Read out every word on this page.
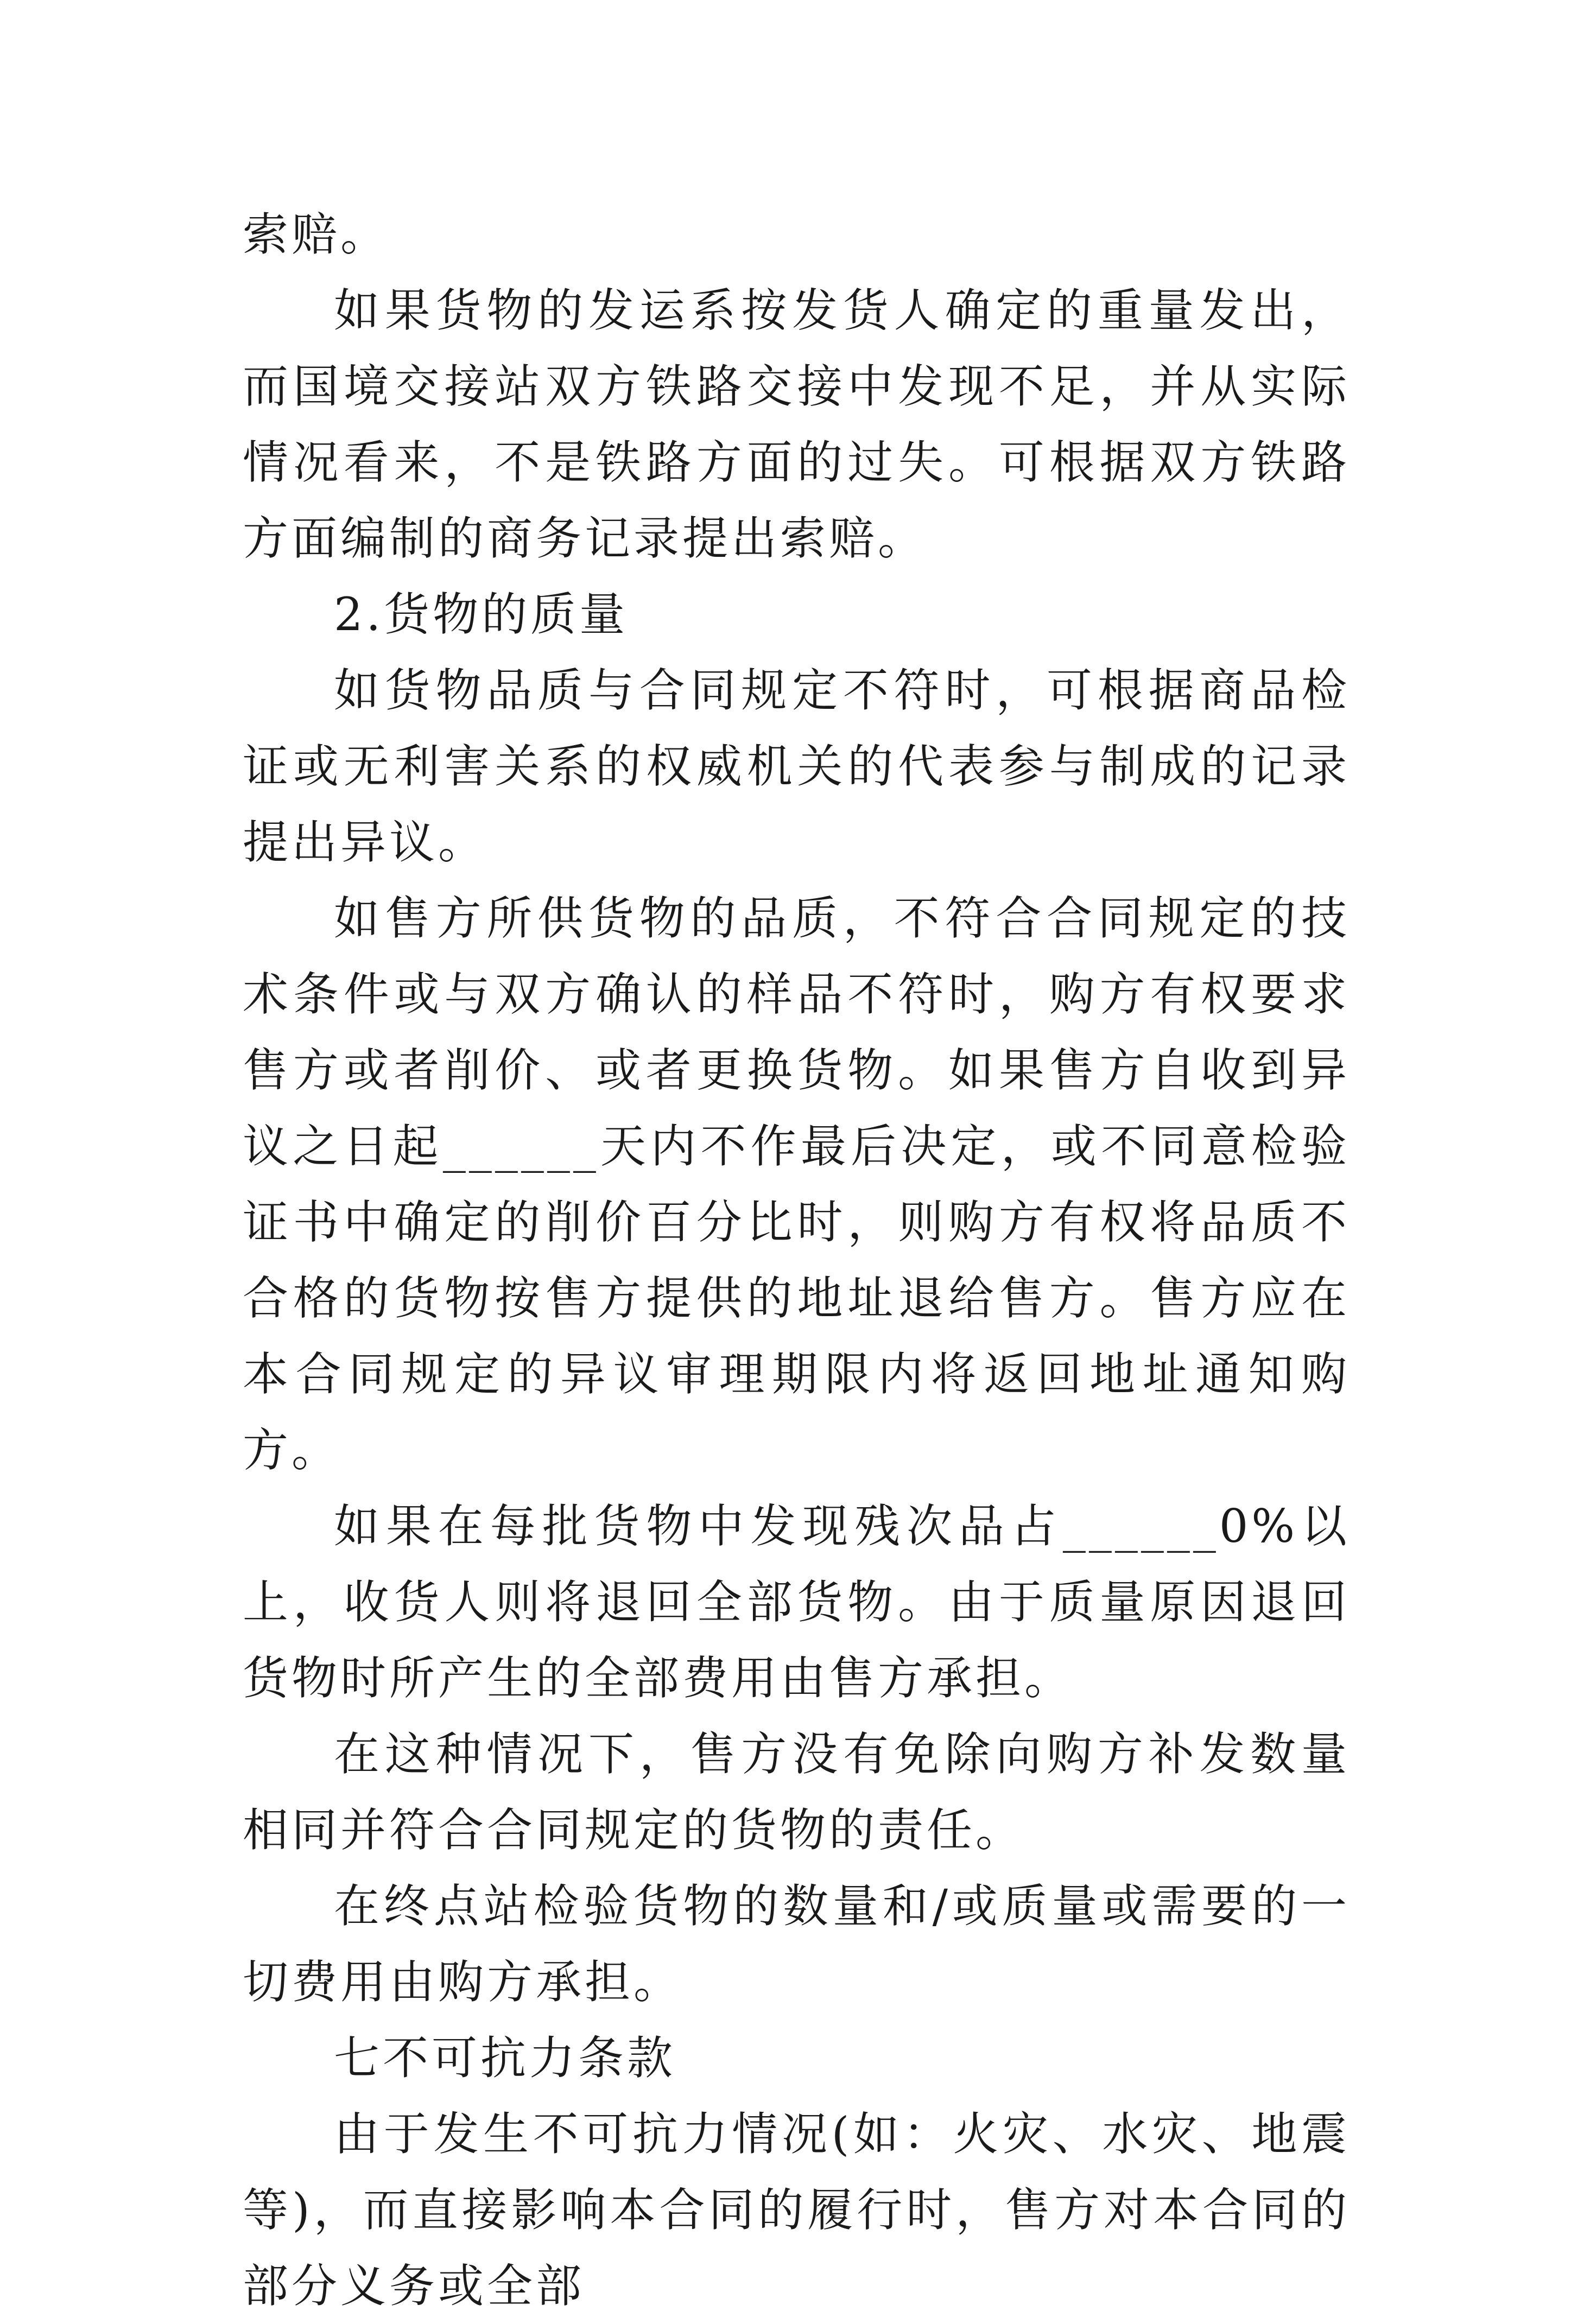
索赔。

如果货物的发运系按发货人确定的重量发出，而国境交接站双方铁路交接中发现不足，并从实际情况看来，不是铁路方面的过失。可根据双方铁路方面编制的商务记录提出索赔。

2.货物的质量

如货物品质与合同规定不符时，可根据商品检证或无利害关系的权威机关的代表参与制成的记录提出异议。

如售方所供货物的品质，不符合合同规定的技术条件或与双方确认的样品不符时，购方有权要求售方或者削价、或者更换货物。如果售方自收到异议之日起______天内不作最后决定，或不同意检验证书中确定的削价百分比时，则购方有权将品质不合格的货物按售方提供的地址退给售方。售方应在本合同规定的异议审理期限内将返回地址通知购方。

如果在每批货物中发现残次品占______0%以上，收货人则将退回全部货物。由于质量原因退回货物时所产生的全部费用由售方承担。

在这种情况下，售方没有免除向购方补发数量相同并符合合同规定的货物的责任。

在终点站检验货物的数量和/或质量或需要的一切费用由购方承担。

七不可抗力条款

由于发生不可抗力情况(如：火灾、水灾、地震等)，而直接影响本合同的履行时，售方对本合同的部分义务或全部
